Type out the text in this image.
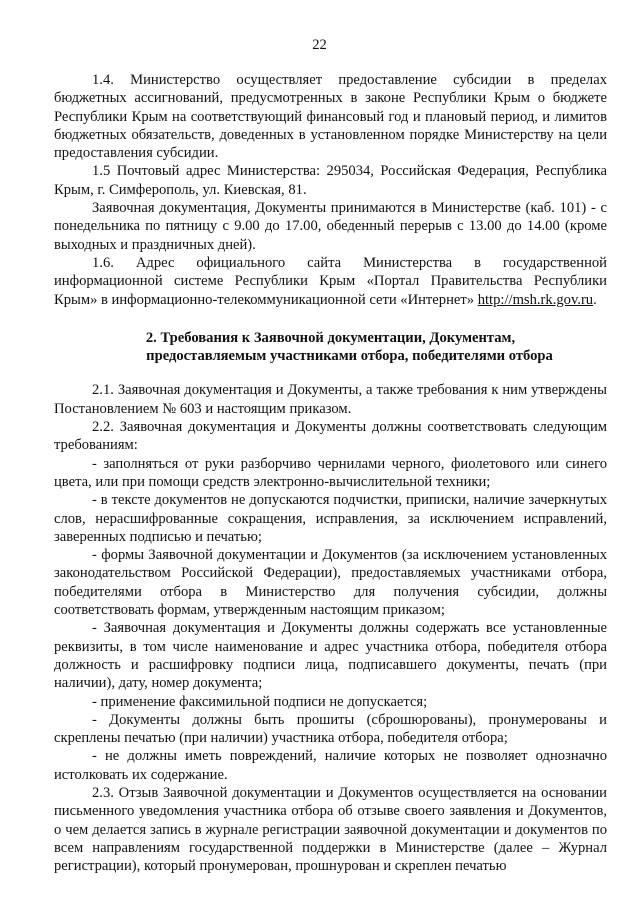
22

1.4. Министерство осуществляет предоставление субсидии в пределах бюджетных ассигнований, предусмотренных в законе Республики Крым о бюджете Республики Крым на соответствующий финансовый год и плановый период, и лимитов бюджетных обязательств, доведенных в установленном порядке Министерству на цели предоставления субсидии.

1.5 Почтовый адрес Министерства: 295034, Российская Федерация, Республика Крым, г. Симферополь, ул. Киевская, 81.

Заявочная документация, Документы принимаются в Министерстве (каб. 101) - с понедельника по пятницу с 9.00 до 17.00, обеденный перерыв с 13.00 до 14.00 (кроме выходных и праздничных дней).

1.6. Адрес официального сайта Министерства в государственной информационной системе Республики Крым «Портал Правительства Республики Крым» в информационно-телекоммуникационной сети «Интернет» http://msh.rk.gov.ru.

2. Требования к Заявочной документации, Документам,
предоставляемым участниками отбора, победителями отбора

2.1. Заявочная документация и Документы, а также требования к ним утверждены Постановлением № 603 и настоящим приказом.

2.2. Заявочная документация и Документы должны соответствовать следующим требованиям:

- заполняться от руки разборчиво чернилами черного, фиолетового или синего цвета, или при помощи средств электронно-вычислительной техники;

- в тексте документов не допускаются подчистки, приписки, наличие зачеркнутых слов, нерасшифрованные сокращения, исправления, за исключением исправлений, заверенных подписью и печатью;

- формы Заявочной документации и Документов (за исключением установленных законодательством Российской Федерации), предоставляемых участниками отбора, победителями отбора в Министерство для получения субсидии, должны соответствовать формам, утвержденным настоящим приказом;

- Заявочная документация и Документы должны содержать все установленные реквизиты, в том числе наименование и адрес участника отбора, победителя отбора должность и расшифровку подписи лица, подписавшего документы, печать (при наличии), дату, номер документа;

- применение факсимильной подписи не допускается;

- Документы должны быть прошиты (сброшюрованы), пронумерованы и скреплены печатью (при наличии) участника отбора, победителя отбора;

- не должны иметь повреждений, наличие которых не позволяет однозначно истолковать их содержание.

2.3. Отзыв Заявочной документации и Документов осуществляется на основании письменного уведомления участника отбора об отзыве своего заявления и Документов, о чем делается запись в журнале регистрации заявочной документации и документов по всем направлениям государственной поддержки в Министерстве (далее – Журнал регистрации), который пронумерован, прошнурован и скреплен печатью
